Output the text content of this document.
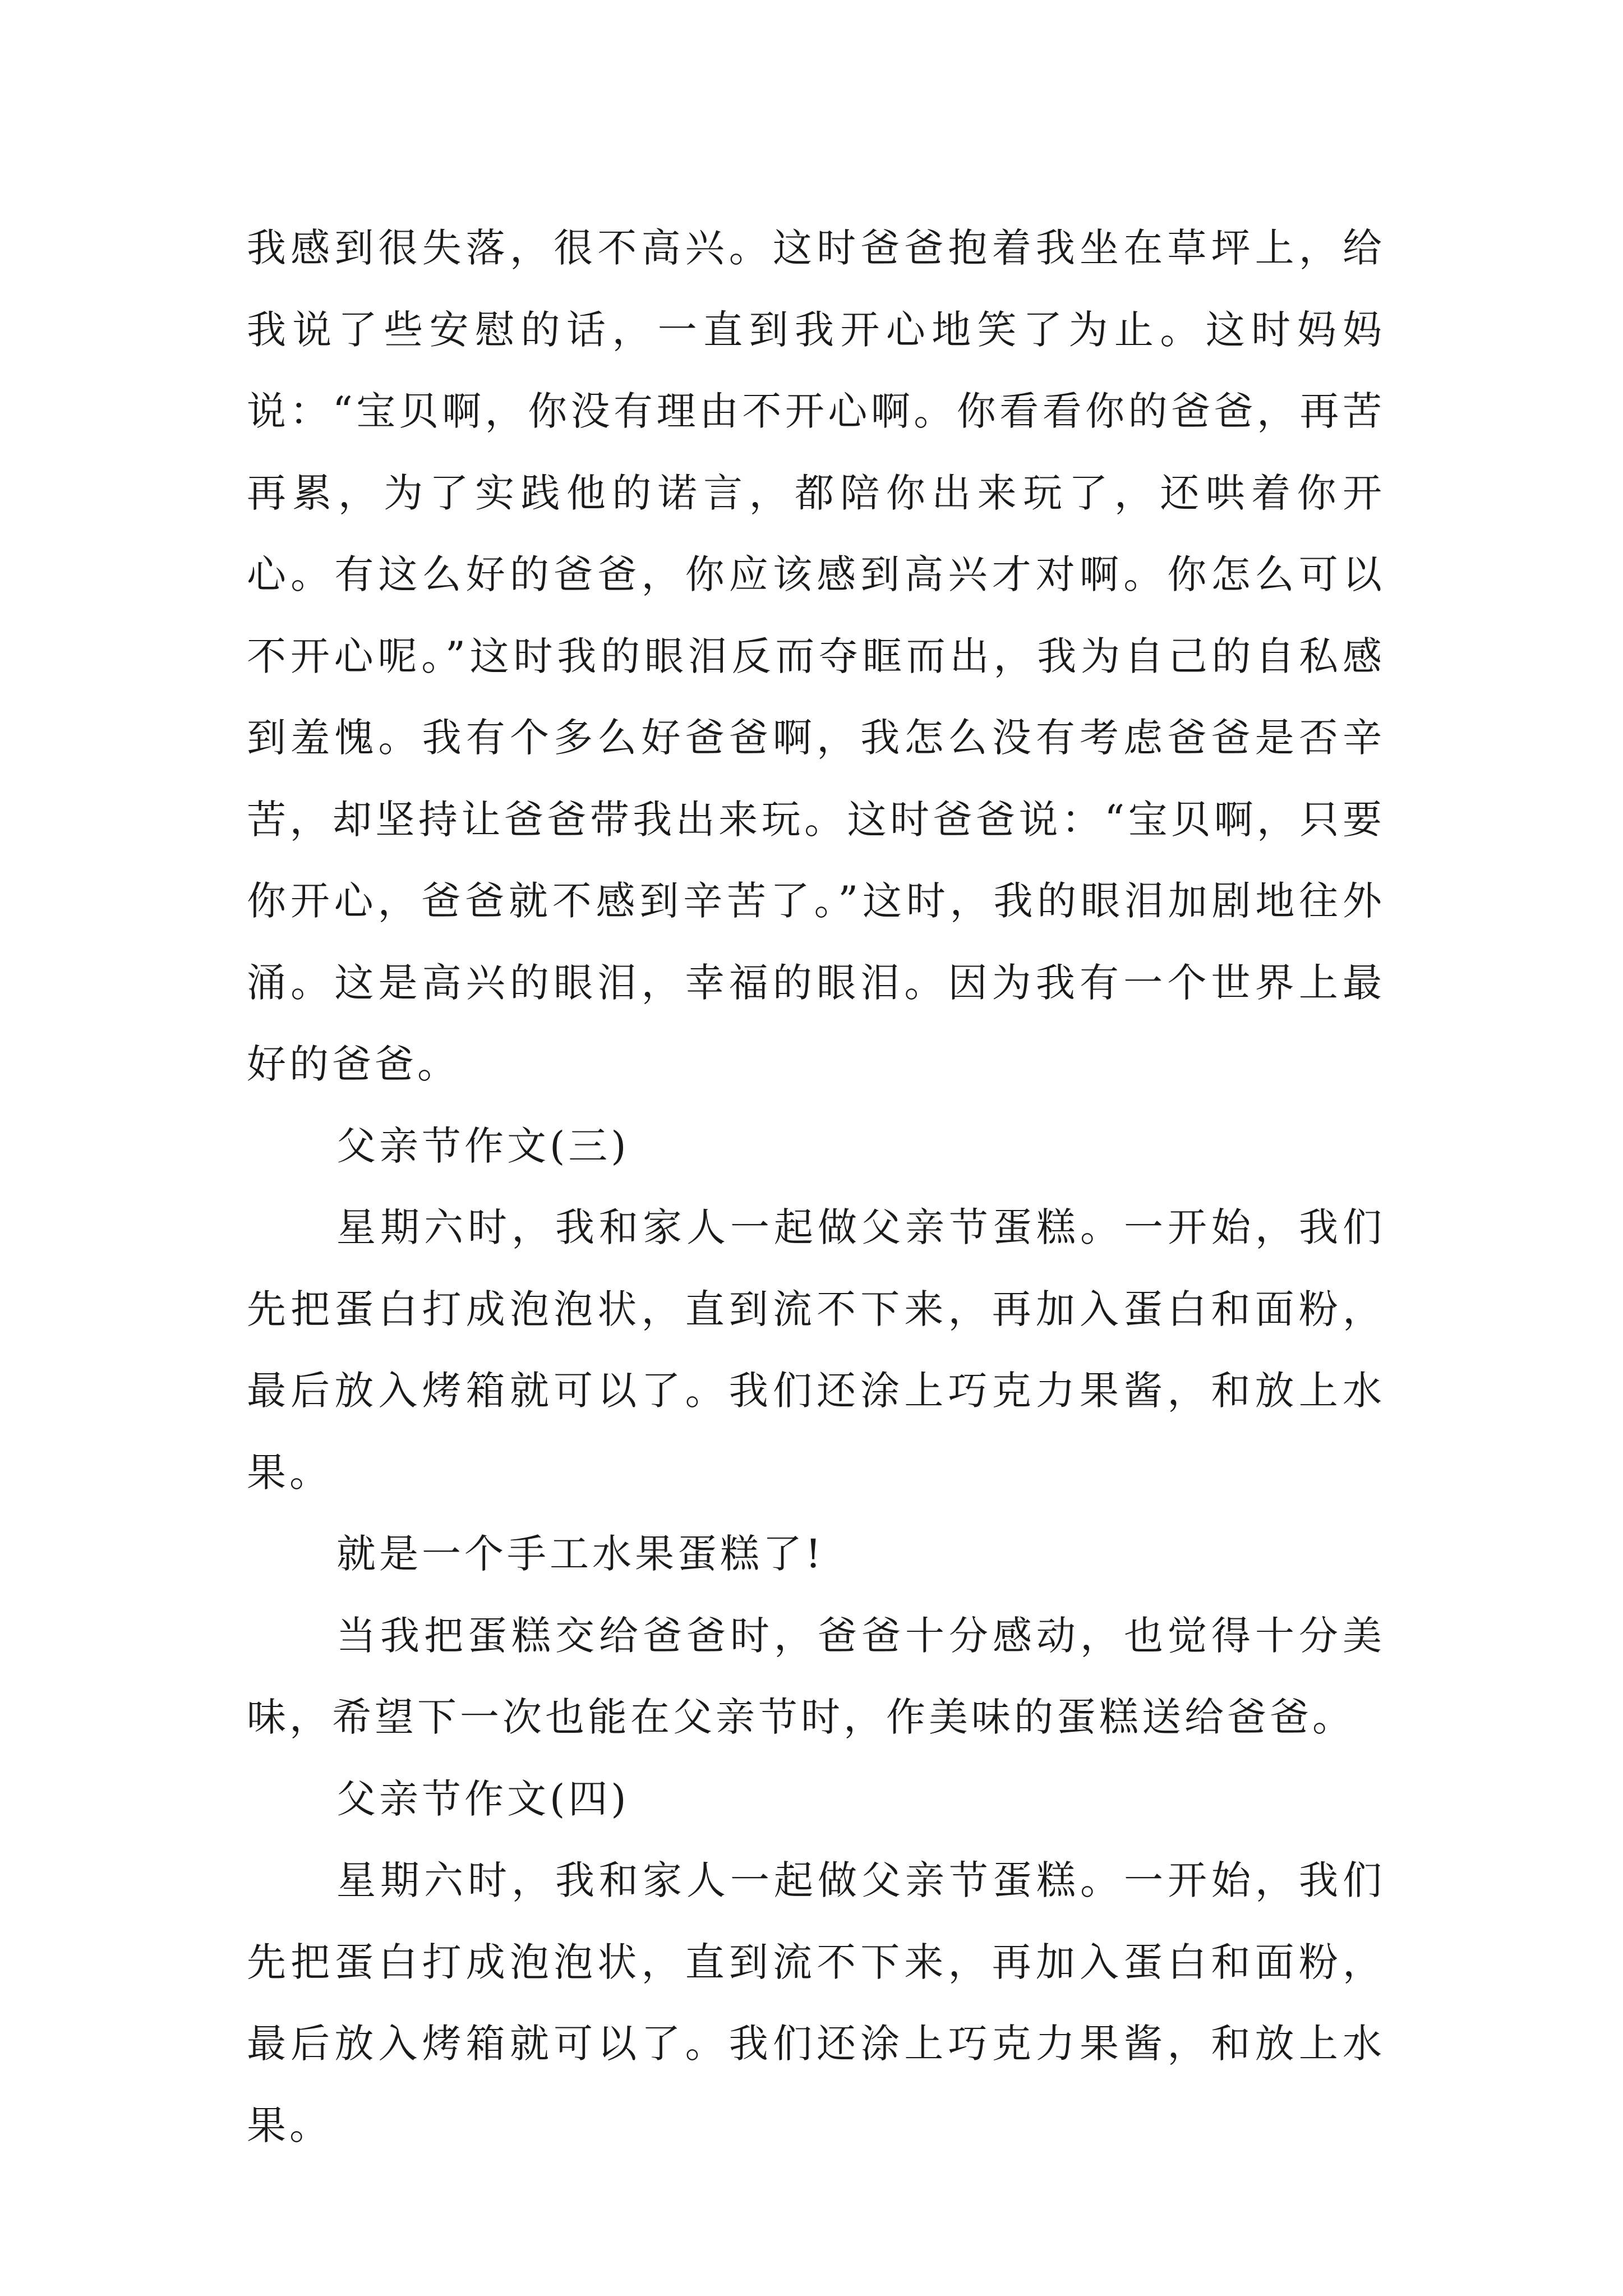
我感到很失落，很不高兴。这时爸爸抱着我坐在草坪上，给我说了些安慰的话，一直到我开心地笑了为止。这时妈妈说：“宝贝啊，你没有理由不开心啊。你看看你的爸爸，再苦再累，为了实践他的诺言，都陪你出来玩了，还哄着你开心。有这么好的爸爸，你应该感到高兴才对啊。你怎么可以不开心呢。”这时我的眼泪反而夺眶而出，我为自己的自私感到羞愧。我有个多么好爸爸啊，我怎么没有考虑爸爸是否辛苦，却坚持让爸爸带我出来玩。这时爸爸说：“宝贝啊，只要你开心，爸爸就不感到辛苦了。”这时，我的眼泪加剧地往外涌。这是高兴的眼泪，幸福的眼泪。因为我有一个世界上最好的爸爸。

父亲节作文(三)

星期六时，我和家人一起做父亲节蛋糕。一开始，我们先把蛋白打成泡泡状，直到流不下来，再加入蛋白和面粉，最后放入烤箱就可以了。我们还涂上巧克力果酱，和放上水果。

就是一个手工水果蛋糕了!

当我把蛋糕交给爸爸时，爸爸十分感动，也觉得十分美味，希望下一次也能在父亲节时，作美味的蛋糕送给爸爸。

父亲节作文(四)

星期六时，我和家人一起做父亲节蛋糕。一开始，我们先把蛋白打成泡泡状，直到流不下来，再加入蛋白和面粉，最后放入烤箱就可以了。我们还涂上巧克力果酱，和放上水果。
